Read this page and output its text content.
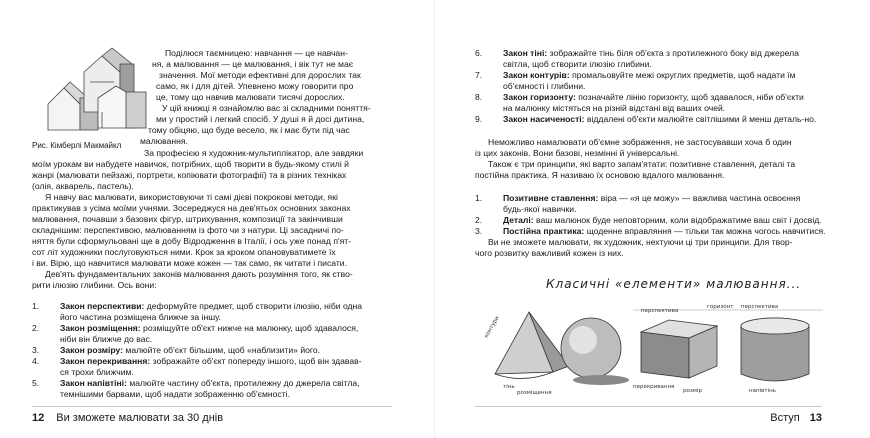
Рис. Кімберлі Макмайкл

Поділюся таємницею: навчання — це навчан-

ня, а малювання — це малювання, і вік тут не має

значення. Мої методи ефективні для дорослих так

само, як і для дітей. Упевнено можу говорити про

це, тому що навчив малювати тисячі дорослих.

У цій книжці я ознайомлю вас зі складними поняття-

ми у простий і легкий спосіб. У душі я й досі дитина,

тому обіцяю, що буде весело, як і має бути під час

малювання.

За професією я художник-мультиплікатор, але завдяки

моїм урокам ви набудете навичок, потрібних, щоб творити в будь-якому стилі й

жанрі (малювати пейзажі, портрети, копіювати фотографії) та в різних техніках

(олія, акварель, пастель).

Я навчу вас малювати, використовуючи ті самі дієві покрокові методи, які

практикував з усіма моїми учнями. Зосереджуся на дев'ятьох основних законах

малювання, почавши з базових фігур, штрихування, композиції та закінчивши

складнішим: перспективою, малюванням із фото чи з натури. Ці засадничі по-

няття були сформульовані ще в добу Відродження в Італії, і ось уже понад п'ят-

сот літ художники послуговуються ними. Крок за кроком опановуватимете їх

і ви. Вірю, що навчитися малювати може кожен — так само, як читати і писати.

Дев'ять фундаментальних законів малювання дають розуміння того, як ство-

рити ілюзію глибини. Ось вони:

1.	Закон перспективи: деформуйте предмет, щоб створити ілюзію, ніби одна
його частина розміщена ближче за іншу.
2.	Закон розміщення: розміщуйте об'єкт нижче на малюнку, щоб здавалося,
ніби він ближче до вас.
3.	Закон розміру: малюйте об'єкт більшим, щоб «наблизити» його.
4.	Закон перекривання: зображайте об'єкт попереду іншого, щоб він здавав-
ся трохи ближчим.
5.	Закон напівтіні: малюйте частину об'єкта, протилежну до джерела світла,
темнішими барвами, щоб надати зображенню об'ємності.
12 Ви зможете малювати за 30 днів
6.	Закон тіні: зображайте тінь біля об'єкта з протилежного боку від джерела
світла, щоб створити ілюзію глибини.
7.	Закон контурів: промальовуйте межі округлих предметів, щоб надати їм
об'ємності і глибини.
8.	Закон горизонту: позначайте лінію горизонту, щоб здавалося, ніби об'єкти
на малюнку містяться на різній відстані від ваших очей.
9.	Закон насиченості: віддалені об'єкти малюйте світлішими й менш деталь-но.

Неможливо намалювати об'ємне зображення, не застосувавши хоча б один

із цих законів. Вони базові, незмінні й універсальні.

Також є три принципи, які варто запам'ятати: позитивне ставлення, деталі та

постійна практика. Я називаю їх основою вдалого малювання.

1.	Позитивне ставлення: віра — «я це можу» — важлива частина освоєння
будь-якої навички.
2.	Деталі: ваш малюнок буде неповторним, коли відображатиме ваш світ і досвід.
3.	Постійна практика: щоденне вправляння — тільки так можна чогось навчитися.

Ви не зможете малювати, як художник, нехтуючи ці три принципи. Для твор-

чого розвитку важливий кожен із них.

Класичні «елементи» малювання...
контури
тінь
розміщення
перспектива
перекривання
горизонт перспектива
розмір	напівтінь
Вступ 13
